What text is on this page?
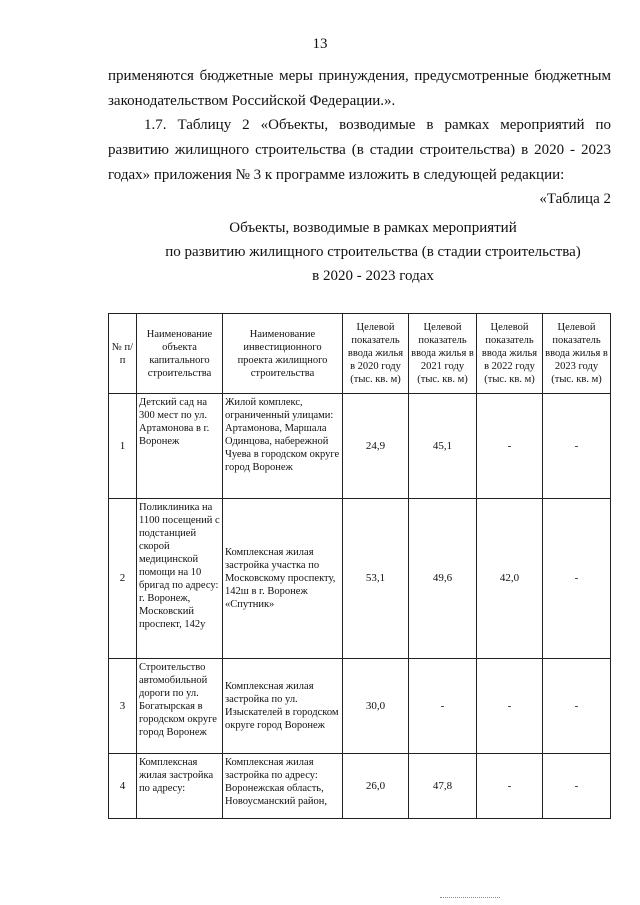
13
применяются бюджетные меры принуждения, предусмотренные бюджетным законодательством Российской Федерации.».
1.7. Таблицу 2 «Объекты, возводимые в рамках мероприятий по развитию жилищного строительства (в стадии строительства) в 2020 - 2023 годах» приложения № 3 к программе изложить в следующей редакции:
«Таблица 2
Объекты, возводимые в рамках мероприятий
по развитию жилищного строительства (в стадии строительства)
в 2020 - 2023 годах
№ п/п	Наименование объекта капитального строительства	Наименование инвестиционного проекта жилищного строительства	Целевой показатель ввода жилья в 2020 году (тыс. кв. м)	Целевой показатель ввода жилья в 2021 году (тыс. кв. м)	Целевой показатель ввода жилья в 2022 году (тыс. кв. м)	Целевой показатель ввода жилья в 2023 году (тыс. кв. м)
1	Детский сад на 300 мест по ул. Артамонова в г. Воронеж	Жилой комплекс, ограниченный улицами: Артамонова, Маршала Одинцова, набережной Чуева в городском округе город Воронеж	24,9	45,1	-	-
2	Поликлиника на 1100 посещений с подстанцией скорой медицинской помощи на 10 бригад по адресу: г. Воронеж, Московский проспект, 142у	Комплексная жилая застройка участка по Московскому проспекту, 142ш в г. Воронеж «Спутник»	53,1	49,6	42,0	-
3	Строительство автомобильной дороги по ул. Богатырская в городском округе город Воронеж	Комплексная жилая застройка по ул. Изыскателей в городском округе город Воронеж	30,0	-	-	-
4	Комплексная жилая застройка по адресу:	Комплексная жилая застройка по адресу: Воронежская область, Новоусманский район,	26,0	47,8	-	-
